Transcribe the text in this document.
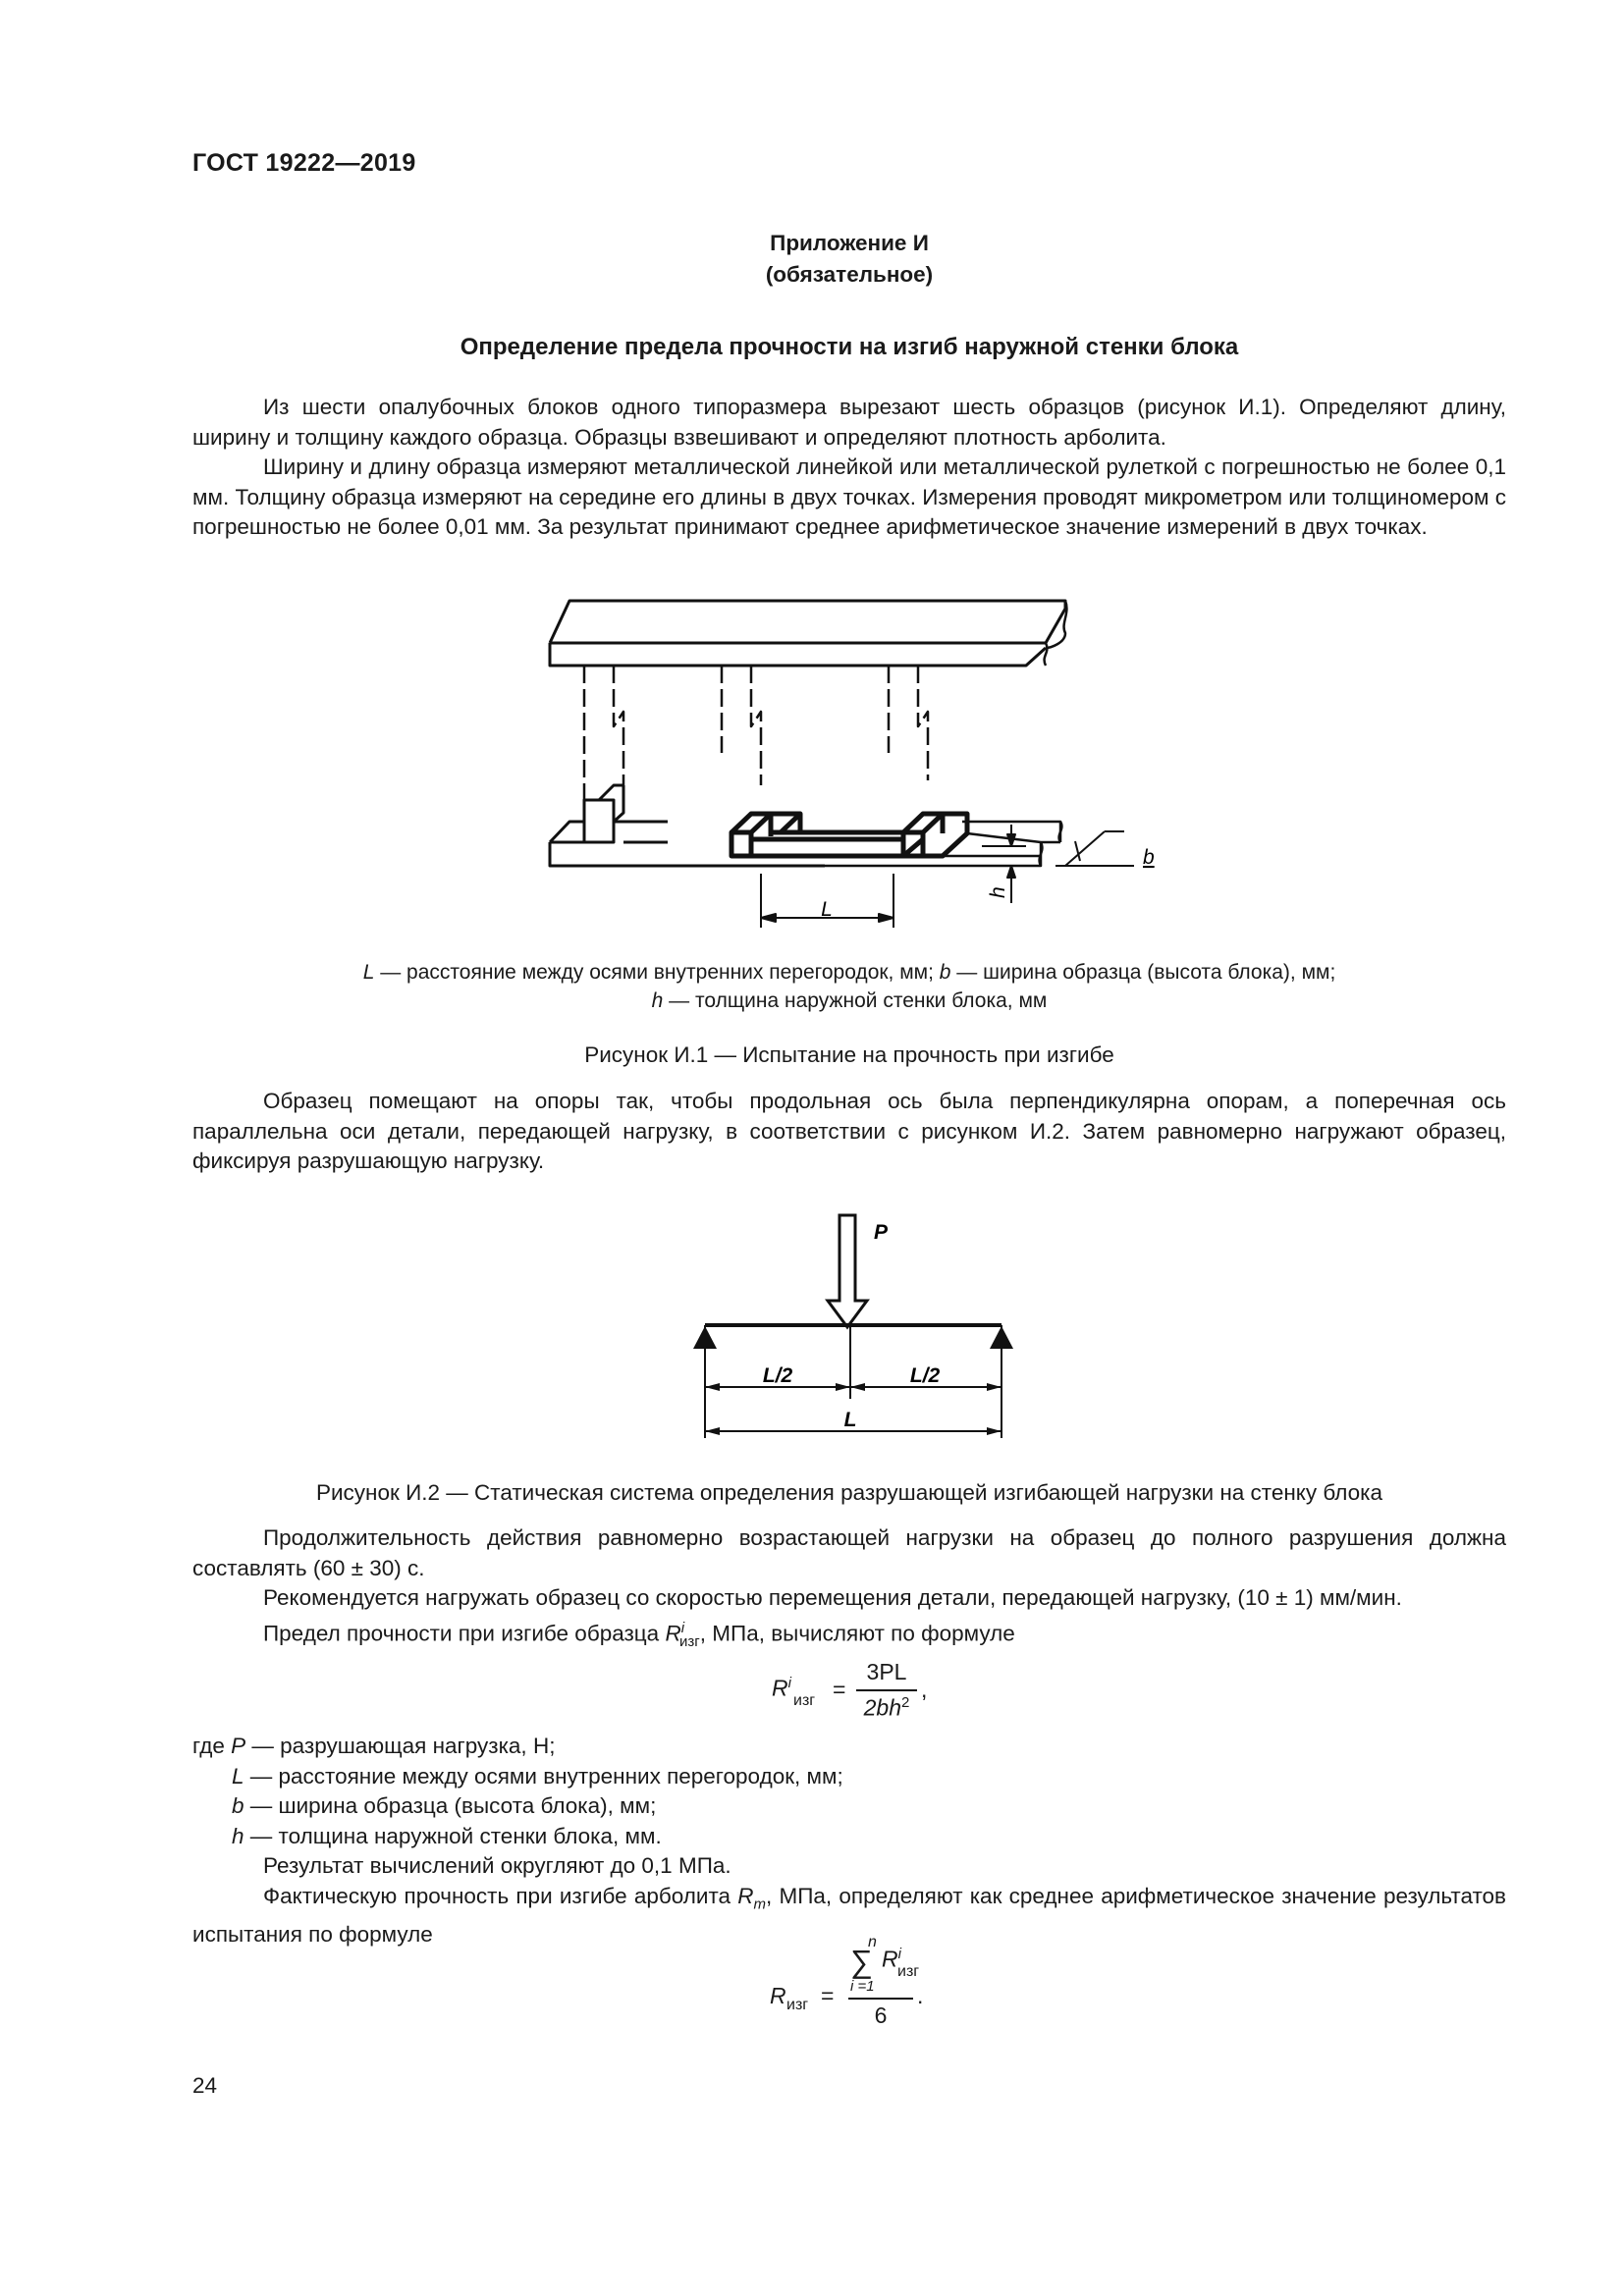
ГОСТ 19222—2019
Приложение И
(обязательное)
Определение предела прочности на изгиб наружной стенки блока

Из шести опалубочных блоков одного типоразмера вырезают шесть образцов (рисунок И.1). Определяют длину, ширину и толщину каждого образца. Образцы взвешивают и определяют плотность арболита.

Ширину и длину образца измеряют металлической линейкой или металлической рулеткой с погрешностью не более 0,1 мм. Толщину образца измеряют на середине его длины в двух точках. Измерения проводят микрометром или толщиномером с погрешностью не более 0,01 мм. За результат принимают среднее арифметическое значение измерений в двух точках.

L
b
h
L — расстояние между осями внутренних перегородок, мм; b — ширина образца (высота блока), мм;
h — толщина наружной стенки блока, мм
Рисунок И.1 — Испытание на прочность при изгибе

Образец помещают на опоры так, чтобы продольная ось была перпендикулярна опорам, а поперечная ось параллельна оси детали, передающей нагрузку, в соответствии с рисунком И.2. Затем равномерно нагружают образец, фиксируя разрушающую нагрузку.

P
L/2	L/2
L
Рисунок И.2 — Статическая система определения разрушающей изгибающей нагрузки на стенку блока

Продолжительность действия равномерно возрастающей нагрузки на образец до полного разрушения должна составлять (60 ± 30) с.

Рекомендуется нагружать образец со скоростью перемещения детали, передающей нагрузку, (10 ± 1) мм/мин.

Предел прочности при изгибе образца $R^i_{изг}$, МПа, вычисляют по формуле

$R^i$
изг =
3PL
$2bh^2$
,
где P — разрушающая нагрузка, Н;
L — расстояние между осями внутренних перегородок, мм;
b — ширина образца (высота блока), мм;
h — толщина наружной стенки блока, мм.

Результат вычислений округляют до 0,1 МПа.

Фактическую прочность при изгибе арболита $R_m$, МПа, определяют как среднее арифметическое значение результатов испытания по формуле

R изг =
n
∑ $R^i$
изг
i =1
6
.
24
